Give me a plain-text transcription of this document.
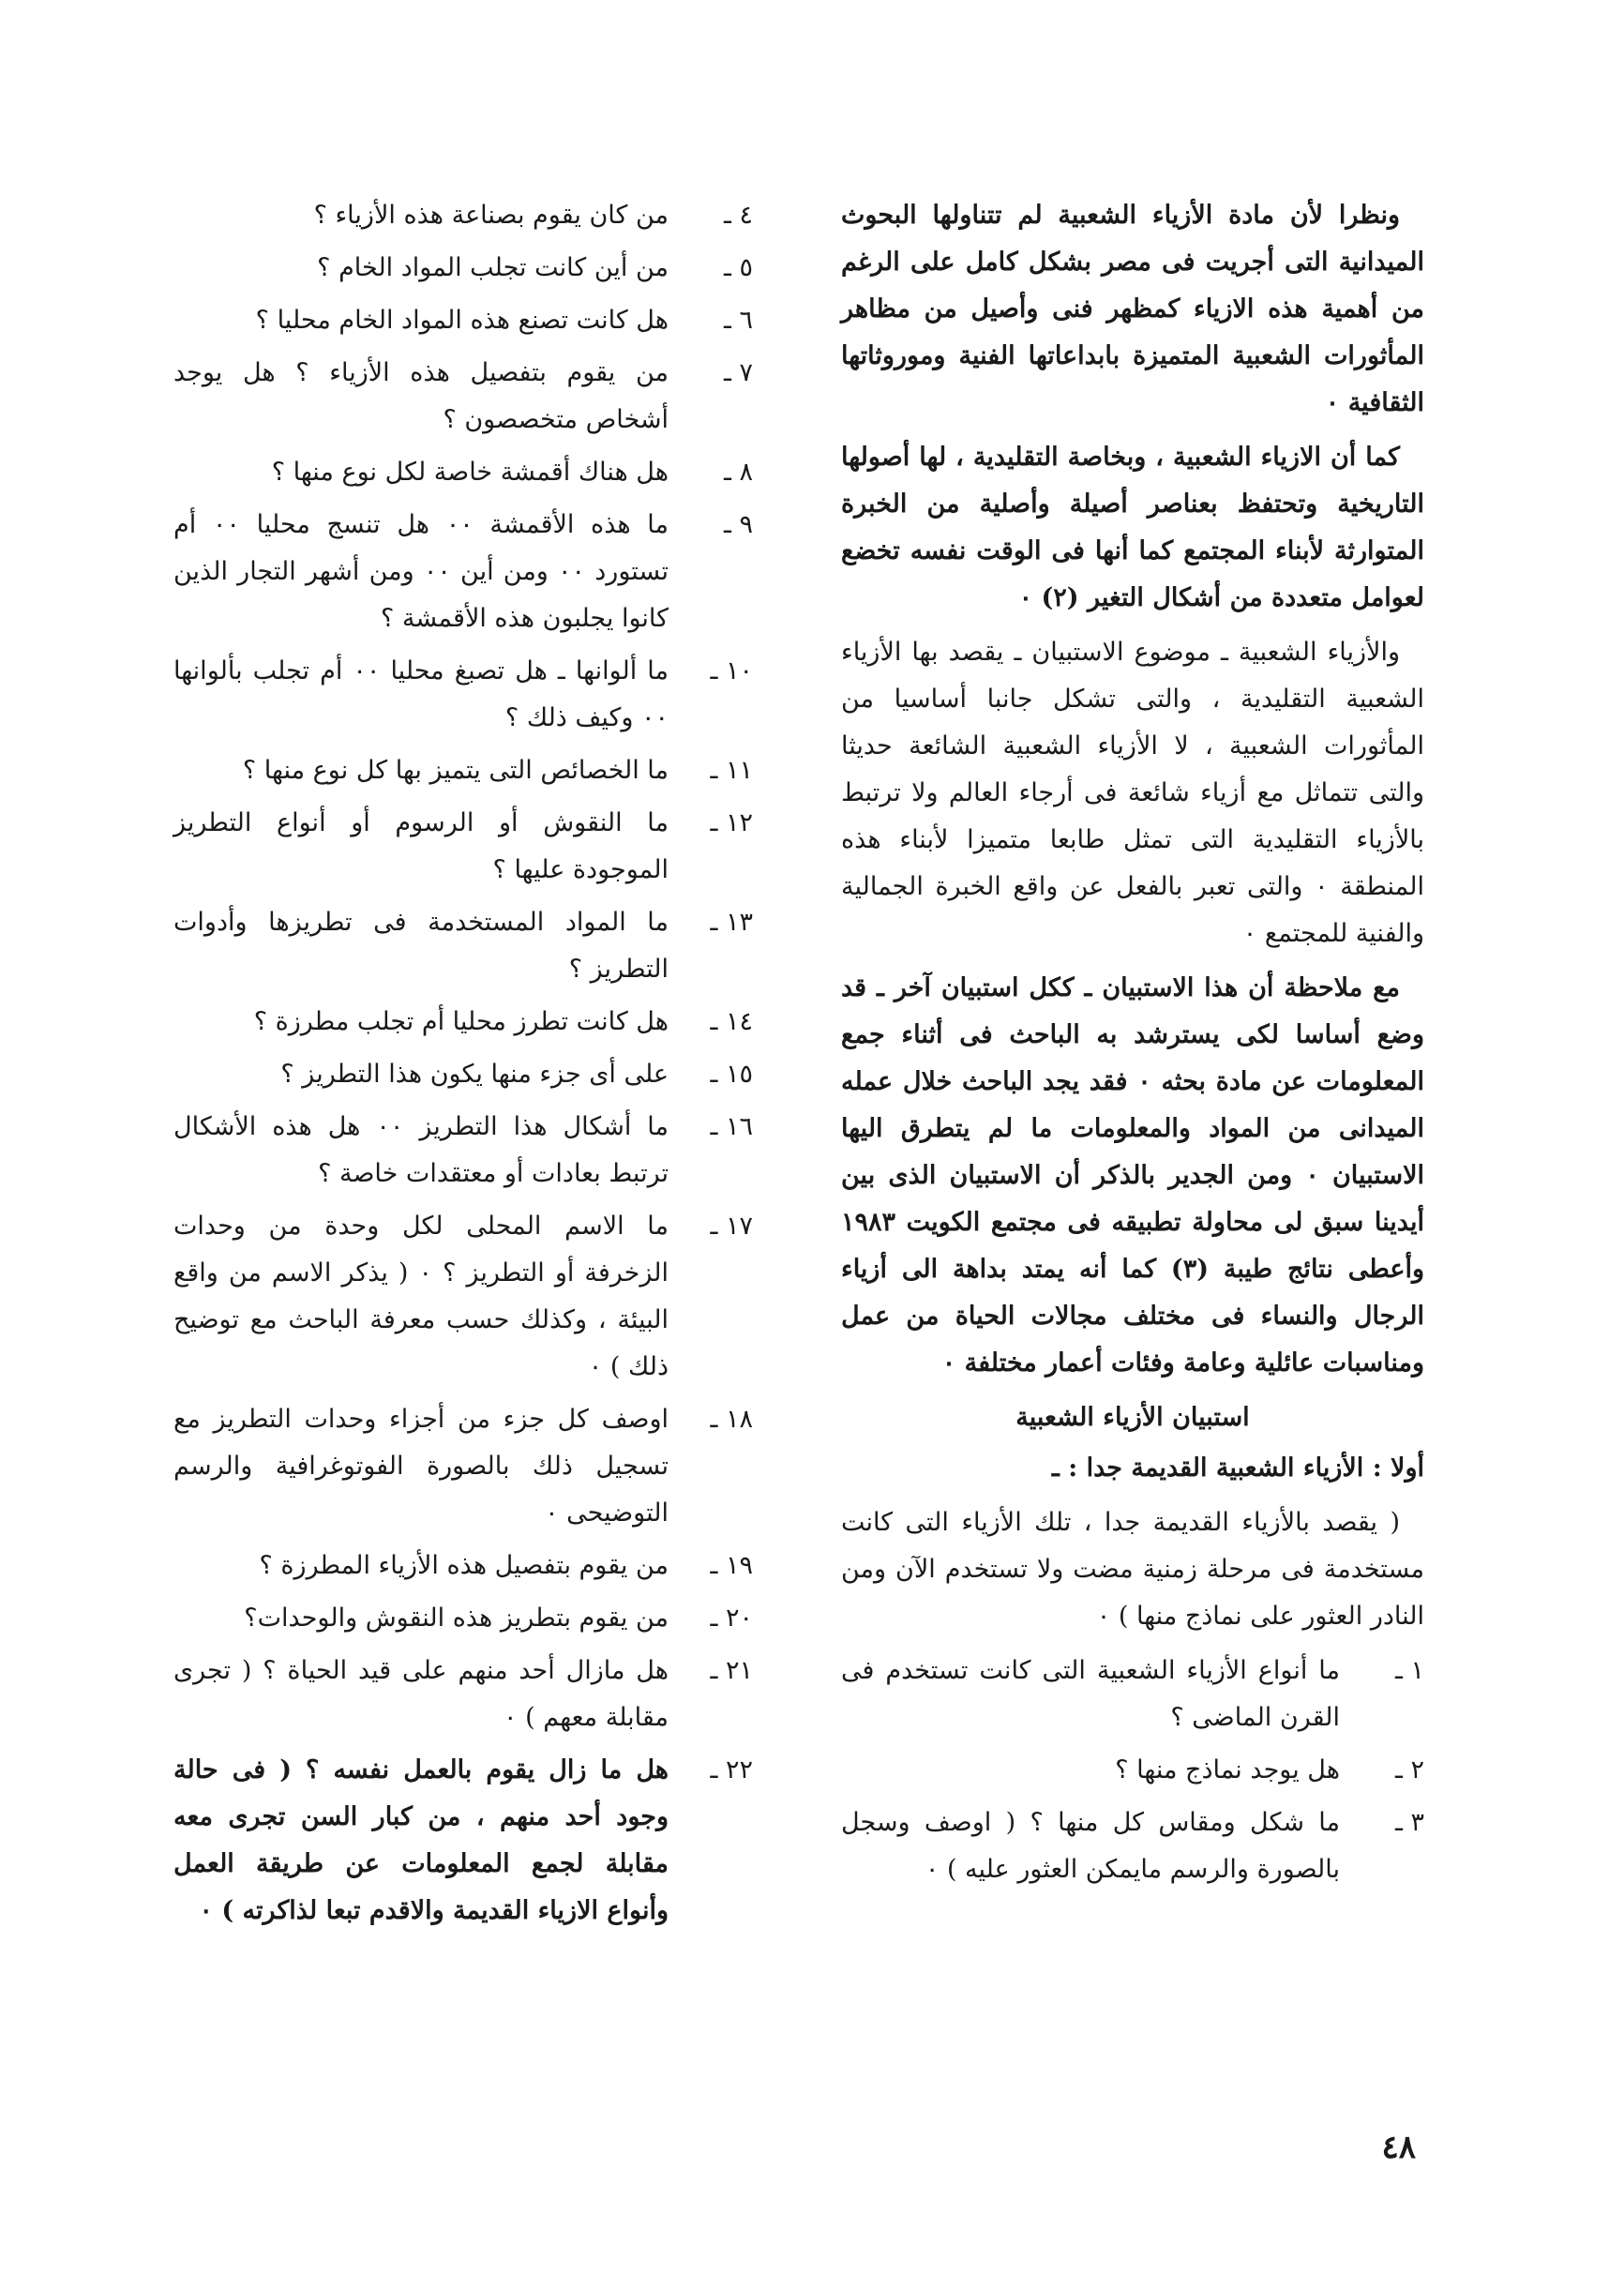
ونظرا لأن مادة الأزياء الشعبية لم تتناولها البحوث الميدانية التى أجريت فى مصر بشكل كامل على الرغم من أهمية هذه الازياء كمظهر فنى وأصيل من مظاهر المأثورات الشعبية المتميزة بابداعاتها الفنية وموروثاتها الثقافية ٠

كما أن الازياء الشعبية ، وبخاصة التقليدية ، لها أصولها التاريخية وتحتفظ بعناصر أصيلة وأصلية من الخبرة المتوارثة لأبناء المجتمع كما أنها فى الوقت نفسه تخضع لعوامل متعددة من أشكال التغير (٢) ٠

والأزياء الشعبية ـ موضوع الاستبيان ـ يقصد بها الأزياء الشعبية التقليدية ، والتى تشكل جانبا أساسيا من المأثورات الشعبية ، لا الأزياء الشعبية الشائعة حديثا والتى تتماثل مع أزياء شائعة فى أرجاء العالم ولا ترتبط بالأزياء التقليدية التى تمثل طابعا متميزا لأبناء هذه المنطقة ٠ والتى تعبر بالفعل عن واقع الخبرة الجمالية والفنية للمجتمع ٠

مع ملاحظة أن هذا الاستبيان ـ ككل استبيان آخر ـ قد وضع أساسا لكى يسترشد به الباحث فى أثناء جمع المعلومات عن مادة بحثه ٠ فقد يجد الباحث خلال عمله الميدانى من المواد والمعلومات ما لم يتطرق اليها الاستبيان ٠ ومن الجدير بالذكر أن الاستبيان الذى بين أيدينا سبق لى محاولة تطبيقه فى مجتمع الكويت ١٩٨٣ وأعطى نتائج طيبة (٣) كما أنه يمتد بداهة الى أزياء الرجال والنساء فى مختلف مجالات الحياة من عمل ومناسبات عائلية وعامة وفئات أعمار مختلفة ٠

استبيان الأزياء الشعبية
أولا : الأزياء الشعبية القديمة جدا : ـ

( يقصد بالأزياء القديمة جدا ، تلك الأزياء التى كانت مستخدمة فى مرحلة زمنية مضت ولا تستخدم الآن ومن النادر العثور على نماذج منها ) ٠

١ ـ
ما أنواع الأزياء الشعبية التى كانت تستخدم فى القرن الماضى ؟
٢ ـ
هل يوجد نماذج منها ؟
٣ ـ
ما شكل ومقاس كل منها ؟ ( اوصف وسجل بالصورة والرسم مايمكن العثور عليه ) ٠
٤ ـ
من كان يقوم بصناعة هذه الأزياء ؟
٥ ـ
من أين كانت تجلب المواد الخام ؟
٦ ـ
هل كانت تصنع هذه المواد الخام محليا ؟
٧ ـ
من يقوم بتفصيل هذه الأزياء ؟ هل يوجد أشخاص متخصصون ؟
٨ ـ
هل هناك أقمشة خاصة لكل نوع منها ؟
٩ ـ
ما هذه الأقمشة ٠٠ هل تنسج محليا ٠٠ أم تستورد ٠٠ ومن أين ٠٠ ومن أشهر التجار الذين كانوا يجلبون هذه الأقمشة ؟
١٠ ـ
ما ألوانها ـ هل تصبغ محليا ٠٠ أم تجلب بألوانها ٠٠ وكيف ذلك ؟
١١ ـ
ما الخصائص التى يتميز بها كل نوع منها ؟
١٢ ـ
ما النقوش أو الرسوم أو أنواع التطريز الموجودة عليها ؟
١٣ ـ
ما المواد المستخدمة فى تطريزها وأدوات التطريز ؟
١٤ ـ
هل كانت تطرز محليا أم تجلب مطرزة ؟
١٥ ـ
على أى جزء منها يكون هذا التطريز ؟
١٦ ـ
ما أشكال هذا التطريز ٠٠ هل هذه الأشكال ترتبط بعادات أو معتقدات خاصة ؟
١٧ ـ
ما الاسم المحلى لكل وحدة من وحدات الزخرفة أو التطريز ؟ ٠ ( يذكر الاسم من واقع البيئة ، وكذلك حسب معرفة الباحث مع توضيح ذلك ) ٠
١٨ ـ
اوصف كل جزء من أجزاء وحدات التطريز مع تسجيل ذلك بالصورة الفوتوغرافية والرسم التوضيحى ٠
١٩ ـ
من يقوم بتفصيل هذه الأزياء المطرزة ؟
٢٠ ـ
من يقوم بتطريز هذه النقوش والوحدات؟
٢١ ـ
هل مازال أحد منهم على قيد الحياة ؟ ( تجرى مقابلة معهم ) ٠
٢٢ ـ
هل ما زال يقوم بالعمل نفسه ؟ ( فى حالة وجود أحد منهم ، من كبار السن تجرى معه مقابلة لجمع المعلومات عن طريقة العمل وأنواع الازياء القديمة والاقدم تبعا لذاكرته ) ٠
٤٨
